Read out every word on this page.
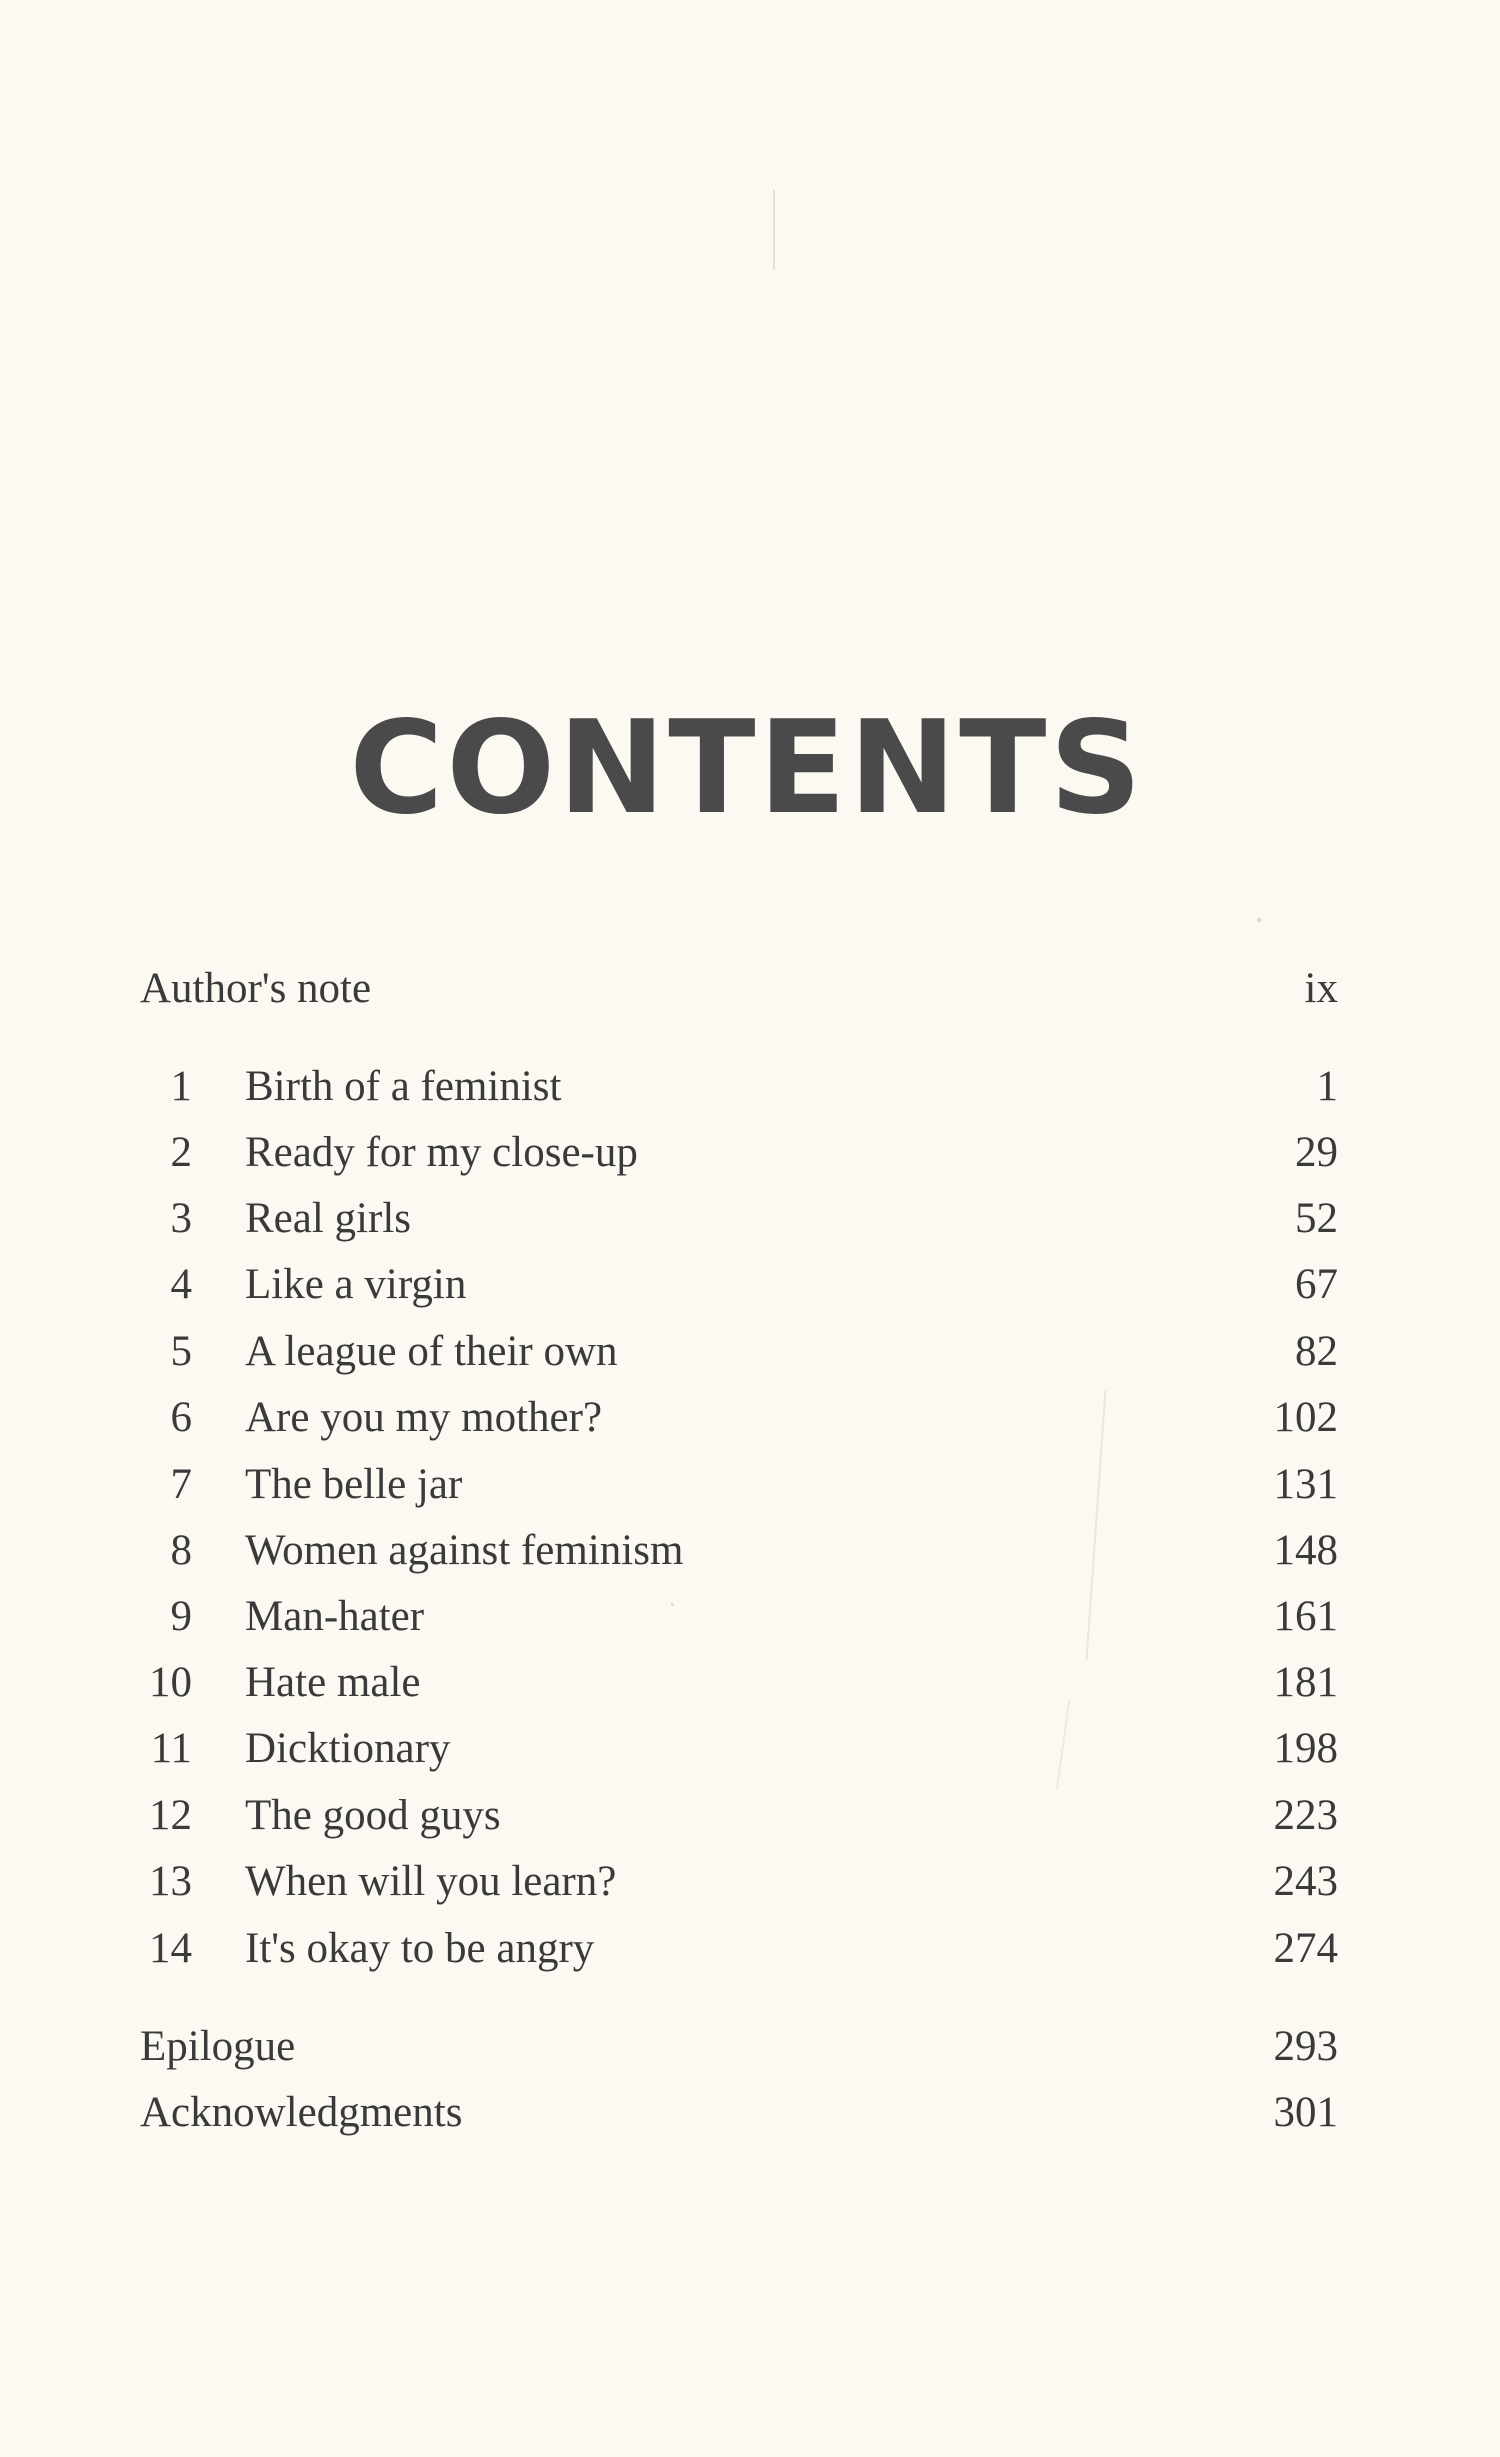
CONTENTS
Author's note	ix
1 Birth of a feminist	1
2 Ready for my close-up	29
3 Real girls	52
4 Like a virgin	67
5 A league of their own	82
6 Are you my mother?	102
7 The belle jar	131
8 Women against feminism	148
9 Man-hater	161
10 Hate male	181
11 Dicktionary	198
12 The good guys	223
13 When will you learn?	243
14 It's okay to be angry	274
Epilogue	293
Acknowledgments	301
